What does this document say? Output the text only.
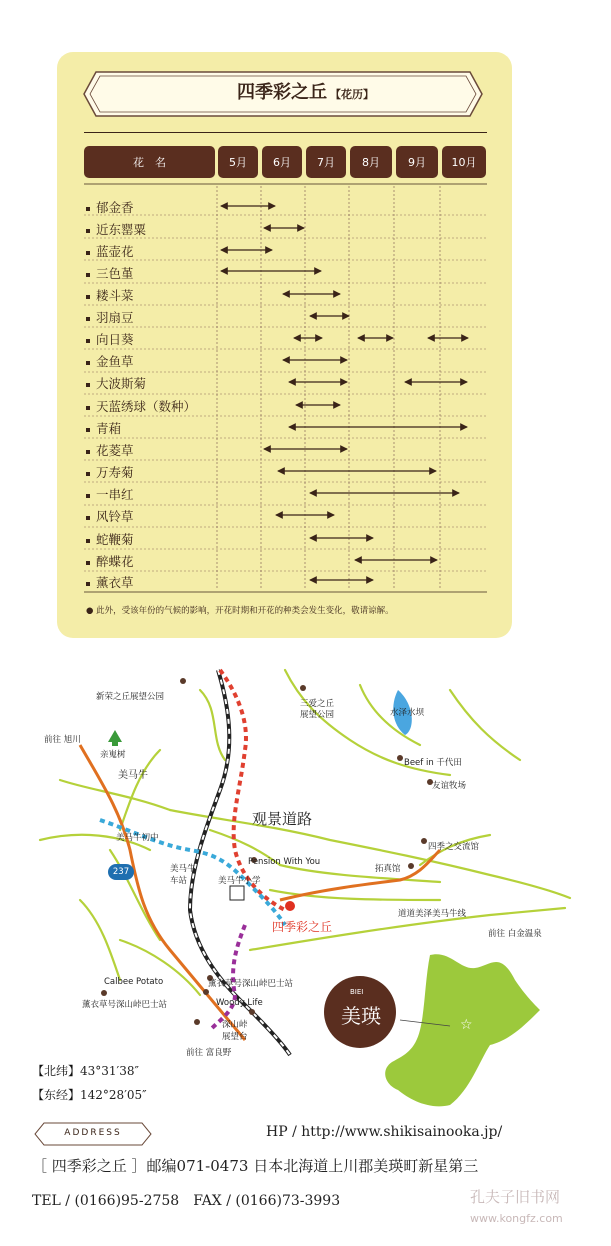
四季彩之丘 【花历】
花　名	5月	6月	7月	8月	9月	10月
郁金香
近东罂粟
蓝壶花
三色堇
耧斗菜
羽扇豆
向日葵
金鱼草
大波斯菊
天蓝绣球（数种）
青葙
花菱草
万寿菊
一串红
风铃草
蛇鞭菊
醉蝶花
薰衣草
● 此外，受该年份的气候的影响，开花时期和开花的种类会发生变化，敬请谅解。
☆
新荣之丘展望公园
三爱之丘
展望公园	水泽水坝
前往 旭川
亲嵬树
美马牛
Beef in 千代田
友谊牧场
观景道路
美马牛初中
四季之交流馆
Pension With You
美马牛
车站	美马牛小学
拓真馆
237
四季彩之丘
道道美泽美马牛线
前往 白金温泉
Calbee Potato	薰衣草号深山峠巴士站
薰衣草号深山峠巴士站	Woody Life
深山峠
展望台
前往 富良野
BIEI
美瑛
【北纬】43°31′38″
【东经】142°28′05″
ADDRESS	HP / http://www.shikisainooka.jp/
［ 四季彩之丘 ］邮编071-0473 日本北海道上川郡美瑛町新星第三
TEL / (0166)95-2758　FAX / (0166)73-3993	孔夫子旧书网
www.kongfz.com
